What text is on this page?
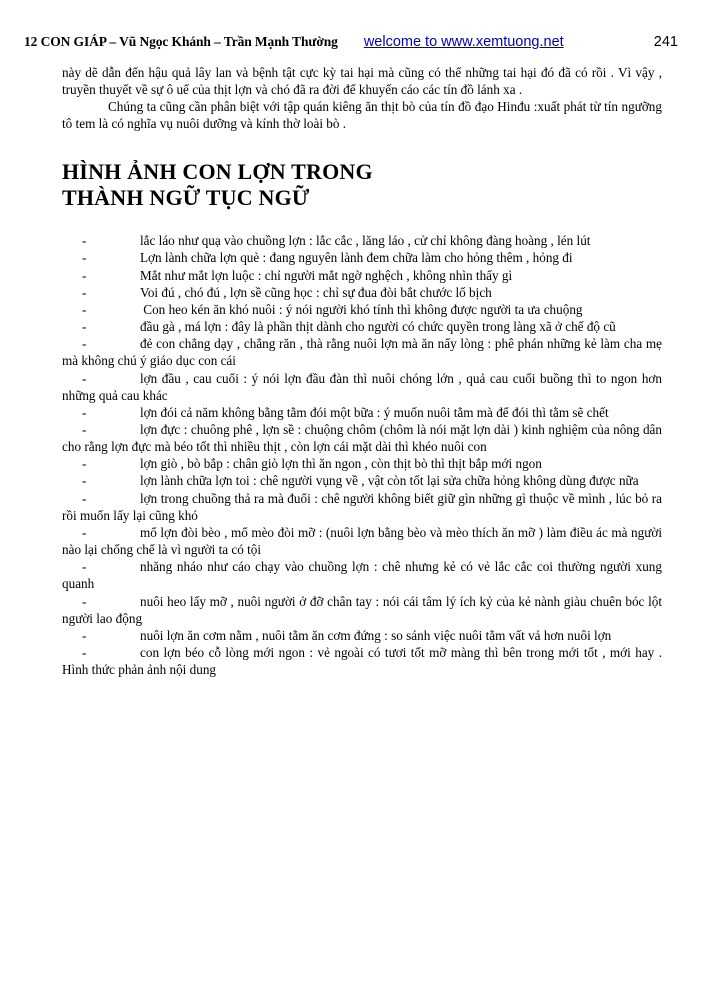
12 CON GIÁP – Vũ Ngọc Khánh – Trần Mạnh Thường welcome to www.xemtuong.net	241

này dẽ dẫn đến hậu quả lây lan và bệnh tật cực kỳ tai hại mà cũng có thể những tai hại đó đã có rồi . Vì vậy , truyền thuyết về sự ô uế của thịt lợn và chó đã ra đời để khuyến cáo các tín đồ lánh xa .

Chúng ta cũng cần phân biệt với tập quán kiêng ăn thịt bò của tín đồ đạo Hinđu :xuất phát từ tín ngưỡng tô tem là có nghĩa vụ nuôi dưỡng và kính thờ loài bò .

HÌNH ẢNH CON LỢN TRONG
THÀNH NGỮ TỤC NGỮ
-	lắc láo như quạ vào chuồng lợn : lắc cắc , lăng láo , cử chỉ không đàng hoàng , lén lút
-	Lợn lành chữa lợn què : đang nguyên lành đem chữa làm cho hỏng thêm , hỏng đi
-	Mắt như mắt lợn luộc : chỉ người mắt ngờ nghệch , không nhìn thấy gì
-	Voi đú , chó đú , lợn sề cũng học : chỉ sự đua đòi bắt chước lố bịch
-	Con heo kén ăn khó nuôi : ý nói người khó tính thì không được người ta ưa chuộng
-	đầu gà , má lợn : đây là phần thịt dành cho người có chức quyền trong làng xã ở chế độ cũ
-	đẻ con chẳng dạy , chẳng răn , thà rằng nuôi lợn mà ăn nấy lòng : phê phán những kẻ làm cha mẹ mà không chú ý giáo dục con cái
-	lợn đầu , cau cuối : ý nói lợn đầu đàn thì nuôi chóng lớn , quả cau cuối buồng thì to ngon hơn những quả cau khác
-	lợn đói cả năm không bằng tằm đói một bữa : ý muốn nuôi tằm mà để đói thì tằm sẽ chết
-	lợn đực : chuông phê , lợn sề : chuộng chôm (chôm là nói mặt lợn dài ) kinh nghiệm của nông dân cho rằng lợn đực mà béo tốt thì nhiều thịt , còn lợn cái mặt dài thì khéo nuôi con
-	lợn giò , bò bắp : chân giò lợn thì ăn ngon , còn thịt bò thì thịt bắp mới ngon
-	lợn lành chữa lợn toi : chê người vụng về , vật còn tốt lại sửa chữa hỏng không dùng được nữa
-	lợn trong chuồng thả ra mà đuổi : chê người không biết giữ gìn những gì thuộc về mình , lúc bỏ ra rồi muốn lấy lại cũng khó
-	mổ lợn đòi bèo , mổ mèo đòi mỡ : (nuôi lợn bằng bèo và mèo thích ăn mỡ ) làm điều ác mà người nào lại chống chế là vì người ta có tội
-	nhăng nháo như cáo chạy vào chuồng lợn : chê nhưng kẻ có vẻ lắc cắc coi thường người xung quanh
-	nuôi heo lấy mỡ , nuôi người ở đỡ chân tay : nói cái tâm lý ích kỷ của kẻ nành giàu chuên bóc lột người lao động
-	nuôi lợn ăn cơm nằm , nuôi tằm ăn cơm đứng : so sánh việc nuôi tằm vất vả hơn nuôi lợn
-	con lợn béo cỗ lòng mới ngon : vẻ ngoài có tươi tốt mỡ màng thì bên trong mới tốt , mới hay . Hình thức phản ảnh nội dung
